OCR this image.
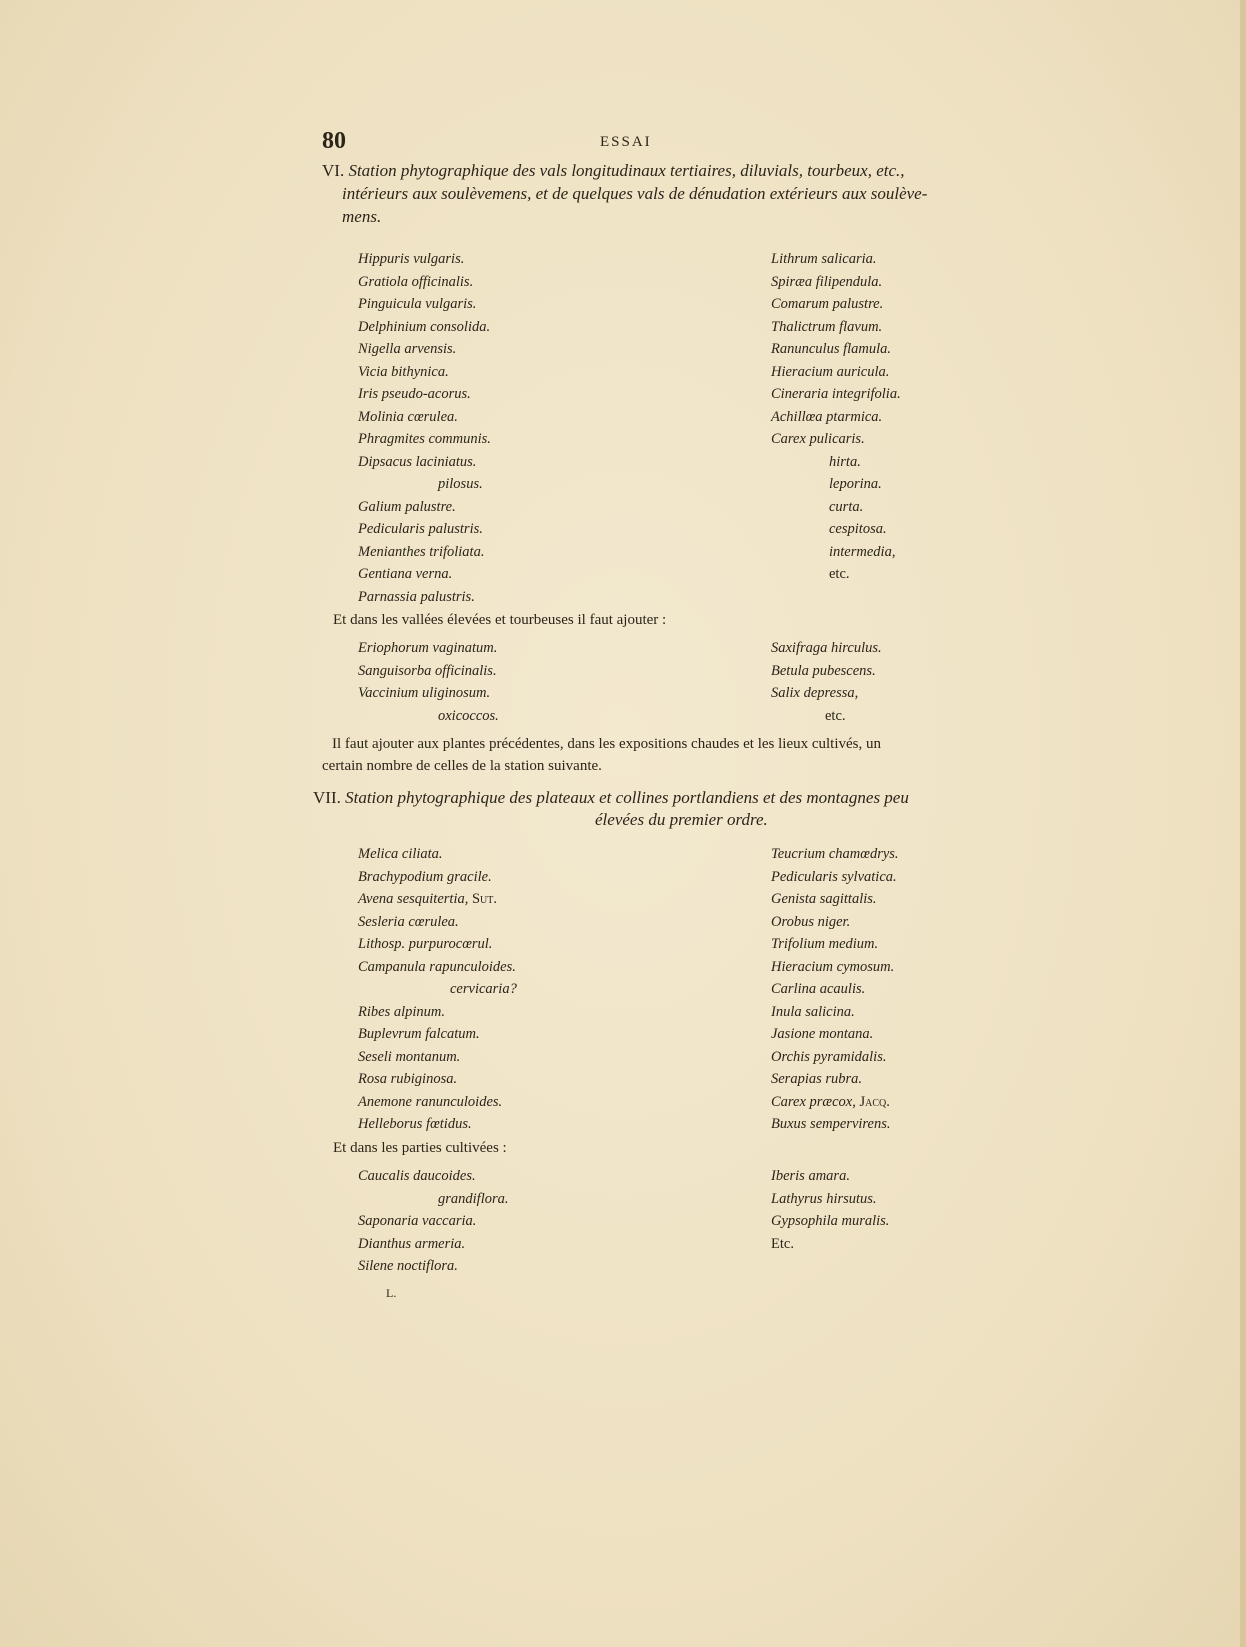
80	ESSAI
VI. Station phytographique des vals longitudinaux tertiaires, diluvials, tourbeux, etc.,
intérieurs aux soulèvemens, et de quelques vals de dénudation extérieurs aux soulève-
mens.
Hippuris vulgaris.
Gratiola officinalis.
Pinguicula vulgaris.
Delphinium consolida.
Nigella arvensis.
Vicia bithynica.
Iris pseudo-acorus.
Molinia cœrulea.
Phragmites communis.
Dipsacus laciniatus.
pilosus.
Galium palustre.
Pedicularis palustris.
Menianthes trifoliata.
Gentiana verna.
Parnassia palustris.
Lithrum salicaria.
Spiræa filipendula.
Comarum palustre.
Thalictrum flavum.
Ranunculus flamula.
Hieracium auricula.
Cineraria integrifolia.
Achillœa ptarmica.
Carex pulicaris.
hirta.
leporina.
curta.
cespitosa.
intermedia,
etc.
Et dans les vallées élevées et tourbeuses il faut ajouter :
Eriophorum vaginatum.
Sanguisorba officinalis.
Vaccinium uliginosum.
oxicoccos.
Saxifraga hirculus.
Betula pubescens.
Salix depressa,
etc.
Il faut ajouter aux plantes précédentes, dans les expositions chaudes et les lieux cultivés, un
certain nombre de celles de la station suivante.
VII. Station phytographique des plateaux et collines portlandiens et des montagnes peu
élevées du premier ordre.
Melica ciliata.
Brachypodium gracile.
Avena sesquitertia, Suт.
Sesleria cœrulea.
Lithosp. purpurocœrul.
Campanula rapunculoides.
cervicaria?
Ribes alpinum.
Buplevrum falcatum.
Seseli montanum.
Rosa rubiginosa.
Anemone ranunculoides.
Helleborus fœtidus.
Teucrium chamœdrys.
Pedicularis sylvatica.
Genista sagittalis.
Orobus niger.
Trifolium medium.
Hieracium cymosum.
Carlina acaulis.
Inula salicina.
Jasione montana.
Orchis pyramidalis.
Serapias rubra.
Carex præcox, Jacq.
Buxus sempervirens.
Et dans les parties cultivées :
Caucalis daucoides.
grandiflora.
Saponaria vaccaria.
Dianthus armeria.
Silene noctiflora.
Iberis amara.
Lathyrus hirsutus.
Gypsophila muralis.
Etc.
L.
